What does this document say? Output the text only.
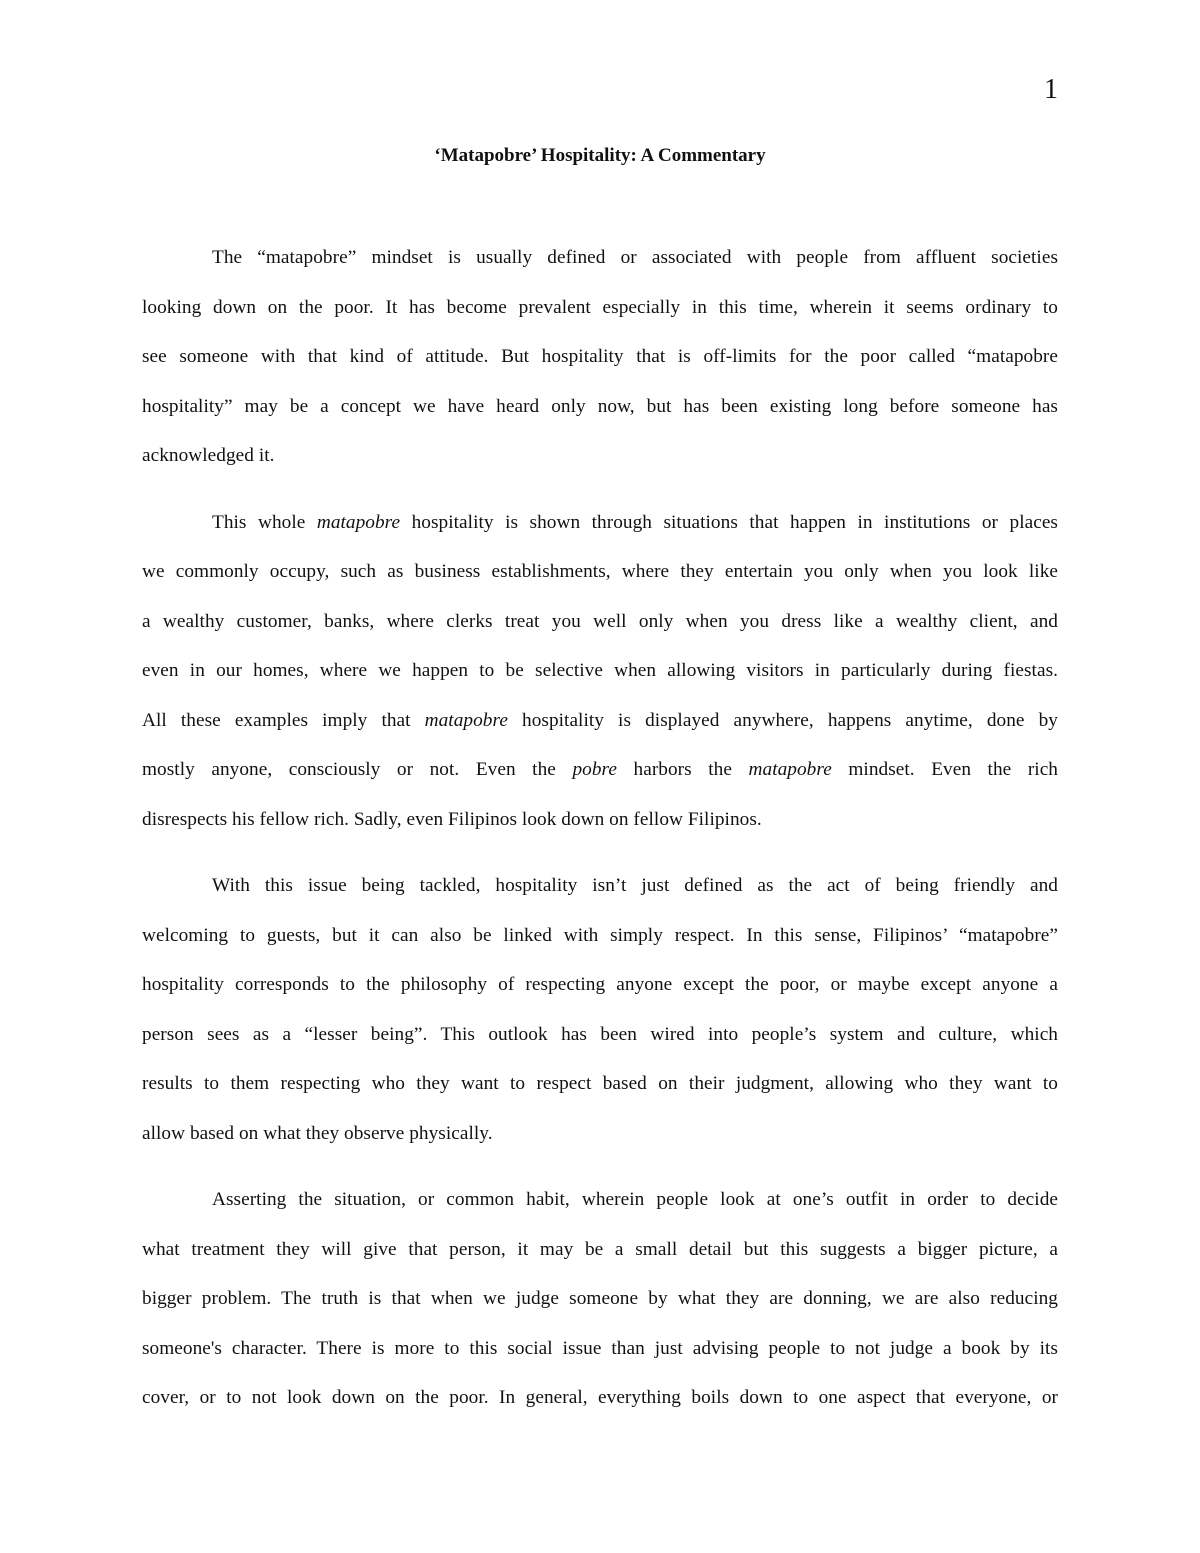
1
‘Matapobre’ Hospitality: A Commentary

The “matapobre” mindset is usually defined or associated with people from affluent societies
looking down on the poor. It has become prevalent especially in this time, wherein it seems ordinary to
see someone with that kind of attitude. But hospitality that is off-limits for the poor called “matapobre
hospitality” may be a concept we have heard only now, but has been existing long before someone has
acknowledged it.

This whole matapobre hospitality is shown through situations that happen in institutions or places
we commonly occupy, such as business establishments, where they entertain you only when you look like
a wealthy customer, banks, where clerks treat you well only when you dress like a wealthy client, and
even in our homes, where we happen to be selective when allowing visitors in particularly during fiestas.
All these examples imply that matapobre hospitality is displayed anywhere, happens anytime, done by
mostly anyone, consciously or not. Even the pobre harbors the matapobre mindset. Even the rich
disrespects his fellow rich. Sadly, even Filipinos look down on fellow Filipinos.

With this issue being tackled, hospitality isn’t just defined as the act of being friendly and
welcoming to guests, but it can also be linked with simply respect. In this sense, Filipinos’ “matapobre”
hospitality corresponds to the philosophy of respecting anyone except the poor, or maybe except anyone a
person sees as a “lesser being”. This outlook has been wired into people’s system and culture, which
results to them respecting who they want to respect based on their judgment, allowing who they want to
allow based on what they observe physically.

Asserting the situation, or common habit, wherein people look at one’s outfit in order to decide
what treatment they will give that person, it may be a small detail but this suggests a bigger picture, a
bigger problem. The truth is that when we judge someone by what they are donning, we are also reducing
someone's character. There is more to this social issue than just advising people to not judge a book by its
cover, or to not look down on the poor. In general, everything boils down to one aspect that everyone, or
